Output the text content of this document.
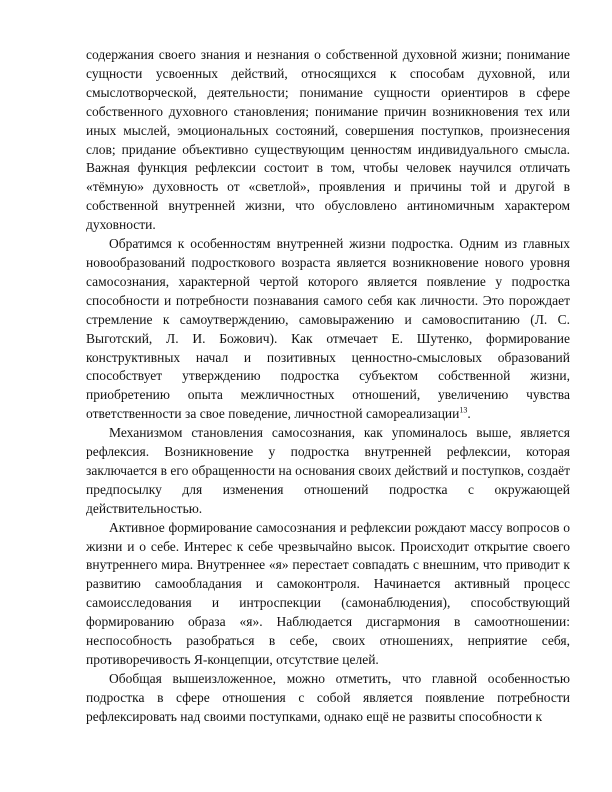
содержания своего знания и незнания о собственной духовной жизни; понимание сущности усвоенных действий, относящихся к способам духовной, или смыслотворческой, деятельности; понимание сущности ориентиров в сфере собственного духовного становления; понимание причин возникновения тех или иных мыслей, эмоциональных состояний, совершения поступков, произнесения слов; придание объективно существующим ценностям индивидуального смысла. Важная функция рефлексии состоит в том, чтобы человек научился отличать «тёмную» духовность от «светлой», проявления и причины той и другой в собственной внутренней жизни, что обусловлено антиномичным характером духовности.

Обратимся к особенностям внутренней жизни подростка. Одним из главных новообразований подросткового возраста является возникновение нового уровня самосознания, характерной чертой которого является появление у подростка способности и потребности познавания самого себя как личности. Это порождает стремление к самоутверждению, самовыражению и самовоспитанию (Л. С. Выготский, Л. И. Божович). Как отмечает Е. Шутенко, формирование конструктивных начал и позитивных ценностно-смысловых образований способствует утверждению подростка субъектом собственной жизни, приобретению опыта межличностных отношений, увеличению чувства ответственности за свое поведение, личностной самореализации$^{13}$.

Механизмом становления самосознания, как упоминалось выше, является рефлексия. Возникновение у подростка внутренней рефлексии, которая заключается в его обращенности на основания своих действий и поступков, создаёт предпосылку для изменения отношений подростка с окружающей действительностью.

Активное формирование самосознания и рефлексии рождают массу вопросов о жизни и о себе. Интерес к себе чрезвычайно высок. Происходит открытие своего внутреннего мира. Внутреннее «я» перестает совпадать с внешним, что приводит к развитию самообладания и самоконтроля. Начинается активный процесс самоисследования и интроспекции (самонаблюдения), способствующий формированию образа «я». Наблюдается дисгармония в самоотношении: неспособность разобраться в себе, своих отношениях, неприятие себя, противоречивость Я-концепции, отсутствие целей.

Обобщая вышеизложенное, можно отметить, что главной особенностью подростка в сфере отношения с собой является появление потребности рефлексировать над своими поступками, однако ещё не развиты способности к
